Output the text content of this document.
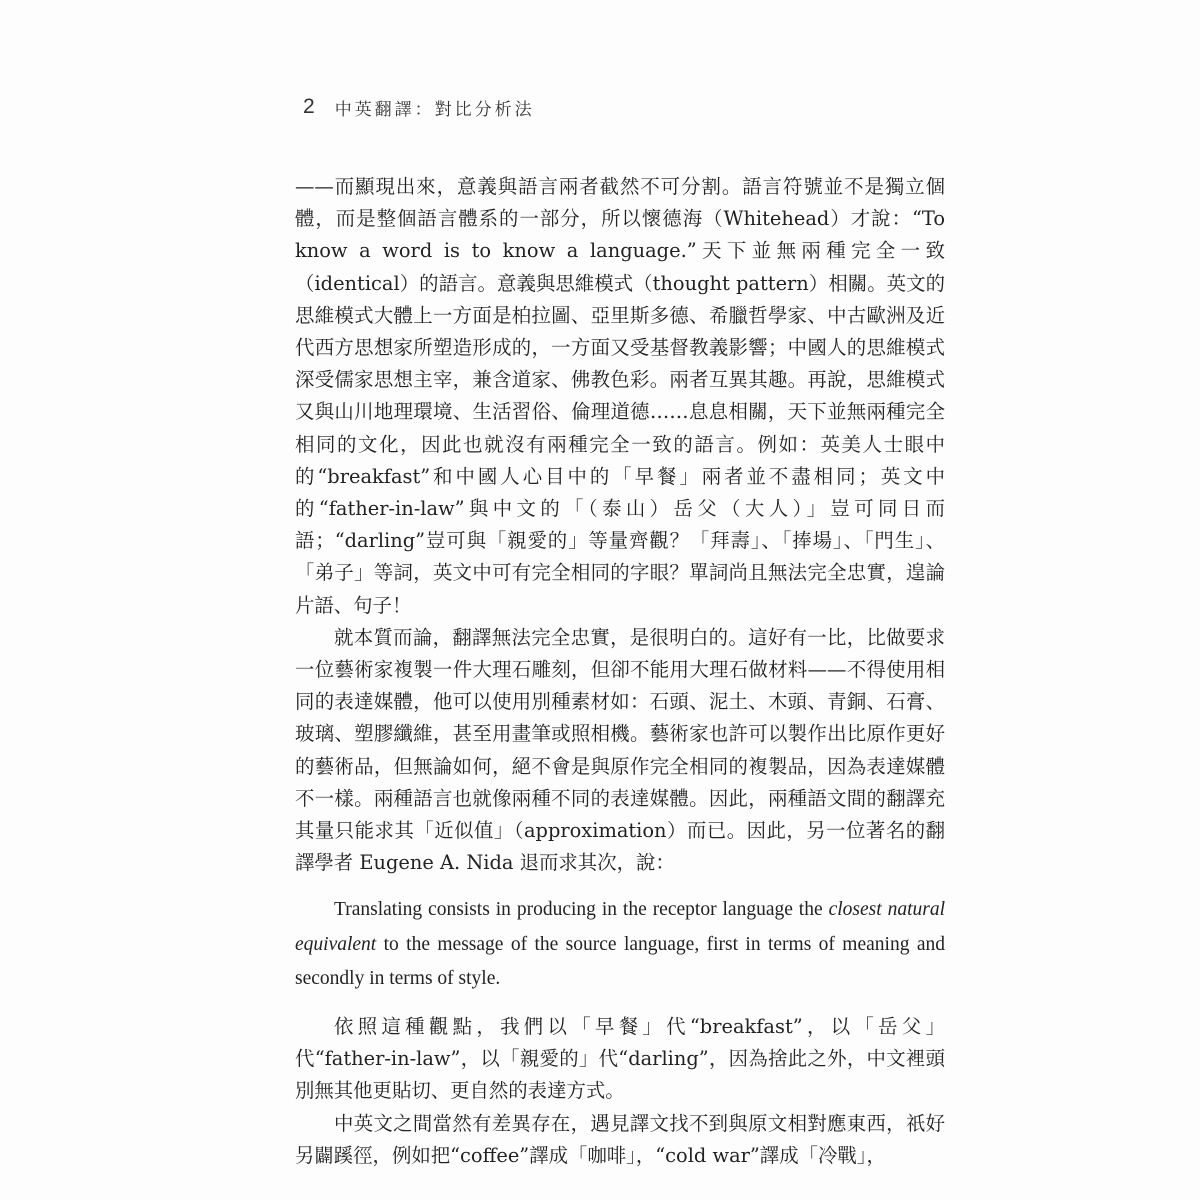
2 中英翻譯：對比分析法

——而顯現出來，意義與語言兩者截然不可分割。語言符號並不是獨立個體，而是整個語言體系的一部分，所以懷德海（Whitehead）才說：“To know a word is to know a language.”天下並無兩種完全一致（identical）的語言。意義與思維模式（thought pattern）相關。英文的思維模式大體上一方面是柏拉圖、亞里斯多德、希臘哲學家、中古歐洲及近代西方思想家所塑造形成的，一方面又受基督教義影響；中國人的思維模式深受儒家思想主宰，兼含道家、佛教色彩。兩者互異其趣。再說，思維模式又與山川地理環境、生活習俗、倫理道德……息息相關，天下並無兩種完全相同的文化，因此也就沒有兩種完全一致的語言。例如：英美人士眼中的“breakfast”和中國人心目中的「早餐」兩者並不盡相同；英文中的“father-in-law”與中文的「（泰山）岳父（大人）」豈可同日而語；“darling”豈可與「親愛的」等量齊觀？「拜壽」、「捧場」、「門生」、「弟子」等詞，英文中可有完全相同的字眼？單詞尚且無法完全忠實，遑論片語、句子！

就本質而論，翻譯無法完全忠實，是很明白的。這好有一比，比做要求一位藝術家複製一件大理石雕刻，但卻不能用大理石做材料——不得使用相同的表達媒體，他可以使用別種素材如：石頭、泥土、木頭、青銅、石膏、玻璃、塑膠纖維，甚至用畫筆或照相機。藝術家也許可以製作出比原作更好的藝術品，但無論如何，絕不會是與原作完全相同的複製品，因為表達媒體不一樣。兩種語言也就像兩種不同的表達媒體。因此，兩種語文間的翻譯充其量只能求其「近似值」（approximation）而已。因此，另一位著名的翻譯學者 Eugene A. Nida 退而求其次，說：

Translating consists in producing in the receptor language the closest natural equivalent to the message of the source language, first in terms of meaning and secondly in terms of style.

依照這種觀點，我們以「早餐」代“breakfast”，以「岳父」代“father-in-law”，以「親愛的」代“darling”，因為捨此之外，中文裡頭別無其他更貼切、更自然的表達方式。

中英文之間當然有差異存在，遇見譯文找不到與原文相對應東西，祇好另闢蹊徑，例如把“coffee”譯成「咖啡」，“cold war”譯成「冷戰」，
